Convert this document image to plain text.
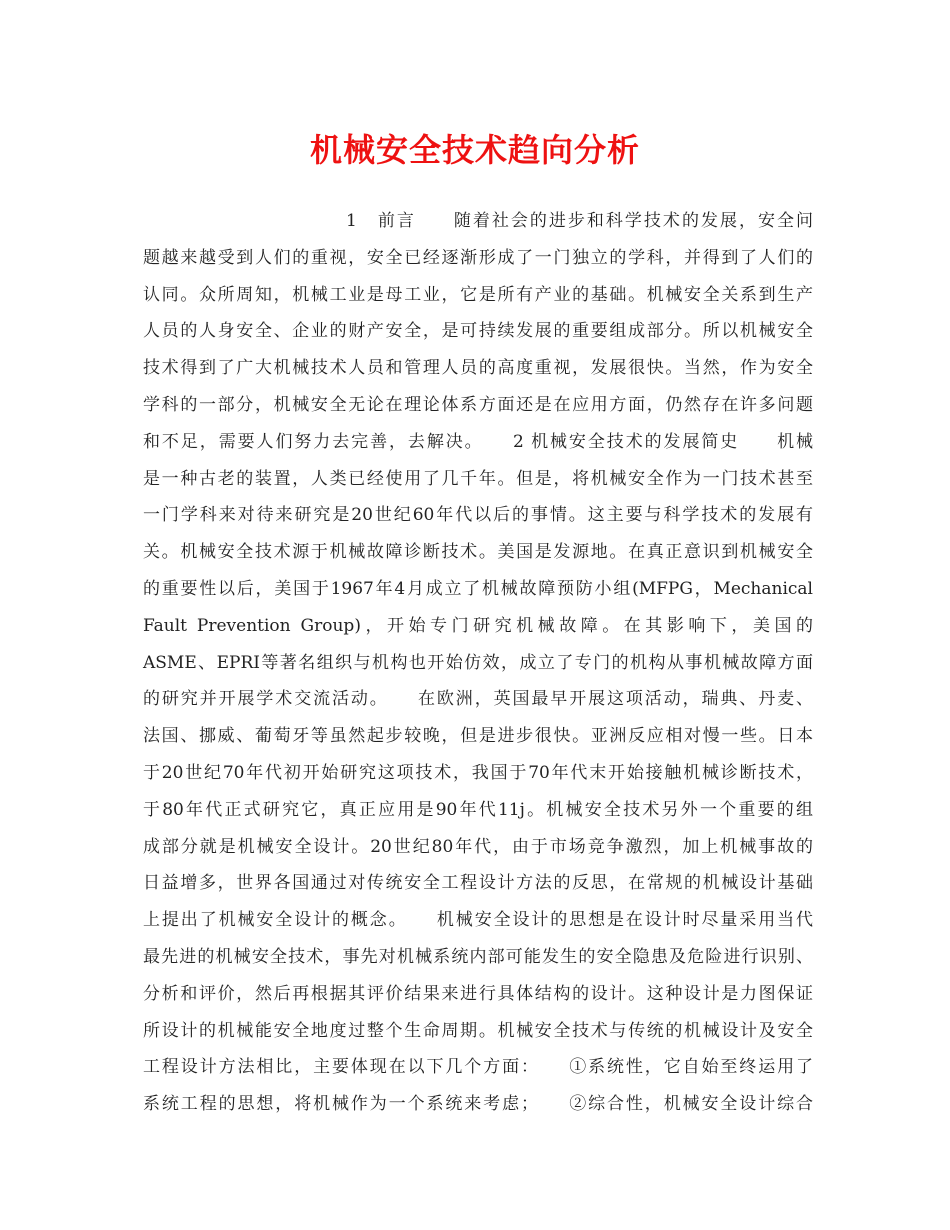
机械安全技术趋向分析
1　前言　　随着社会的进步和科学技术的发展，安全问
题越来越受到人们的重视，安全已经逐渐形成了一门独立的学科，并得到了人们的
认同。众所周知，机械工业是母工业，它是所有产业的基础。机械安全关系到生产
人员的人身安全、企业的财产安全，是可持续发展的重要组成部分。所以机械安全
技术得到了广大机械技术人员和管理人员的高度重视，发展很快。当然，作为安全
学科的一部分，机械安全无论在理论体系方面还是在应用方面，仍然存在许多问题
和不足，需要人们努力去完善，去解决。　　2 机械安全技术的发展简史　　机械
是一种古老的装置，人类已经使用了几千年。但是，将机械安全作为一门技术甚至
一门学科来对待来研究是20世纪60年代以后的事情。这主要与科学技术的发展有
关。机械安全技术源于机械故障诊断技术。美国是发源地。在真正意识到机械安全
的重要性以后，美国于1967年4月成立了机械故障预防小组(MFPG，Mechanical
Fault Prevention Group)，开始专门研究机械故障。在其影响下，美国的
ASME、EPRI等著名组织与机构也开始仿效，成立了专门的机构从事机械故障方面
的研究并开展学术交流活动。　　在欧洲，英国最早开展这项活动，瑞典、丹麦、
法国、挪威、葡萄牙等虽然起步较晚，但是进步很快。亚洲反应相对慢一些。日本
于20世纪70年代初开始研究这项技术，我国于70年代末开始接触机械诊断技术，
于80年代正式研究它，真正应用是90年代11j。机械安全技术另外一个重要的组
成部分就是机械安全设计。20世纪80年代，由于市场竞争激烈，加上机械事故的
日益增多，世界各国通过对传统安全工程设计方法的反思，在常规的机械设计基础
上提出了机械安全设计的概念。　　机械安全设计的思想是在设计时尽量采用当代
最先进的机械安全技术，事先对机械系统内部可能发生的安全隐患及危险进行识别、
分析和评价，然后再根据其评价结果来进行具体结构的设计。这种设计是力图保证
所设计的机械能安全地度过整个生命周期。机械安全技术与传统的机械设计及安全
工程设计方法相比，主要体现在以下几个方面：　　①系统性，它自始至终运用了
系统工程的思想，将机械作为一个系统来考虑；　　②综合性，机械安全设计综合
